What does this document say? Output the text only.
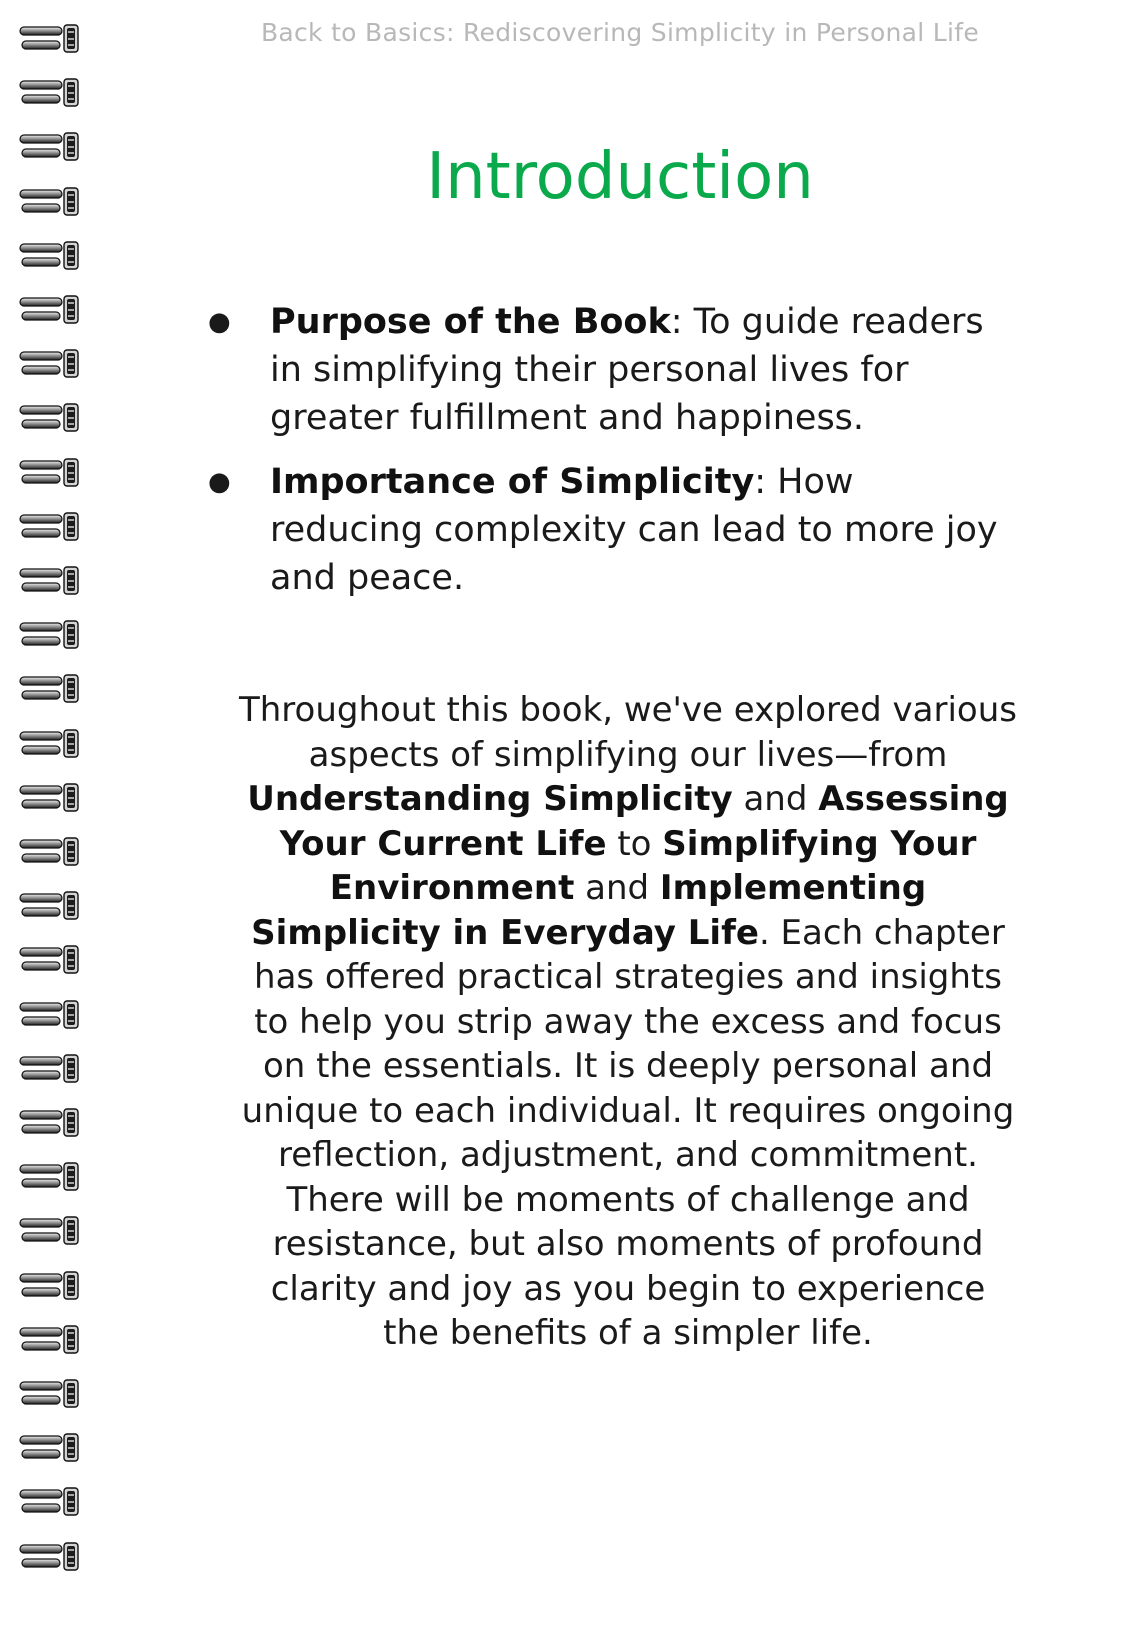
Back to Basics: Rediscovering Simplicity in Personal Life
Introduction
● Purpose of the Book: To guide readers in simplifying their personal lives for greater fulfillment and happiness.
● Importance of Simplicity: How reducing complexity can lead to more joy and peace.

Throughout this book, we've explored various aspects of simplifying our lives—from Understanding Simplicity and Assessing Your Current Life to Simplifying Your Environment and Implementing Simplicity in Everyday Life. Each chapter has offered practical strategies and insights to help you strip away the excess and focus on the essentials. It is deeply personal and unique to each individual. It requires ongoing reflection, adjustment, and commitment. There will be moments of challenge and resistance, but also moments of profound clarity and joy as you begin to experience the benefits of a simpler life.
